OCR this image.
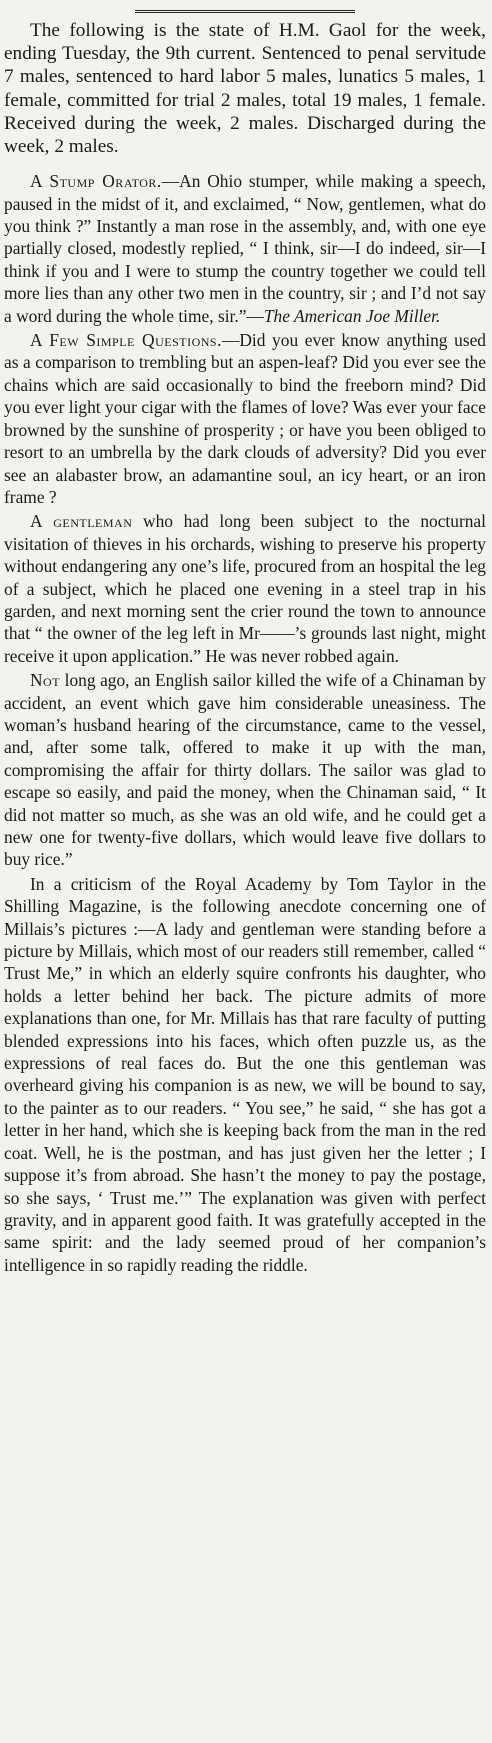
The following is the state of H.M. Gaol for the week, ending Tuesday, the 9th current. Sentenced to penal servitude 7 males, sentenced to hard labor 5 males, lunatics 5 males, 1 female, committed for trial 2 males, total 19 males, 1 female. Received during the week, 2 males. Discharged during the week, 2 males.

A Stump Orator.—An Ohio stumper, while making a speech, paused in the midst of it, and exclaimed, “ Now, gentlemen, what do you think ?” Instantly a man rose in the assembly, and, with one eye partially closed, modestly replied, “ I think, sir—I do indeed, sir—I think if you and I were to stump the country together we could tell more lies than any other two men in the country, sir ; and I’d not say a word during the whole time, sir.”—The American Joe Miller.

A Few Simple Questions.—Did you ever know anything used as a comparison to trembling but an aspen-leaf? Did you ever see the chains which are said occasionally to bind the freeborn mind? Did you ever light your cigar with the flames of love? Was ever your face browned by the sunshine of prosperity ; or have you been obliged to resort to an umbrella by the dark clouds of adversity? Did you ever see an alabaster brow, an adamantine soul, an icy heart, or an iron frame ?

A gentleman who had long been subject to the nocturnal visitation of thieves in his orchards, wishing to preserve his property without endangering any one’s life, procured from an hospital the leg of a subject, which he placed one evening in a steel trap in his garden, and next morning sent the crier round the town to announce that “ the owner of the leg left in Mr——’s grounds last night, might receive it upon application.” He was never robbed again.

Not long ago, an English sailor killed the wife of a Chinaman by accident, an event which gave him considerable uneasiness. The woman’s husband hearing of the circumstance, came to the vessel, and, after some talk, offered to make it up with the man, compromising the affair for thirty dollars. The sailor was glad to escape so easily, and paid the money, when the Chinaman said, “ It did not matter so much, as she was an old wife, and he could get a new one for twenty-five dollars, which would leave five dollars to buy rice.”

In a criticism of the Royal Academy by Tom Taylor in the Shilling Magazine, is the following anecdote concerning one of Millais’s pictures :—A lady and gentleman were standing before a picture by Millais, which most of our readers still remember, called “ Trust Me,” in which an elderly squire confronts his daughter, who holds a letter behind her back. The picture admits of more explanations than one, for Mr. Millais has that rare faculty of putting blended expressions into his faces, which often puzzle us, as the expressions of real faces do. But the one this gentleman was overheard giving his companion is as new, we will be bound to say, to the painter as to our readers. “ You see,” he said, “ she has got a letter in her hand, which she is keeping back from the man in the red coat. Well, he is the postman, and has just given her the letter ; I suppose it’s from abroad. She hasn’t the money to pay the postage, so she says, ‘ Trust me.’” The explanation was given with perfect gravity, and in apparent good faith. It was gratefully accepted in the same spirit: and the lady seemed proud of her companion’s intelligence in so rapidly reading the riddle.
